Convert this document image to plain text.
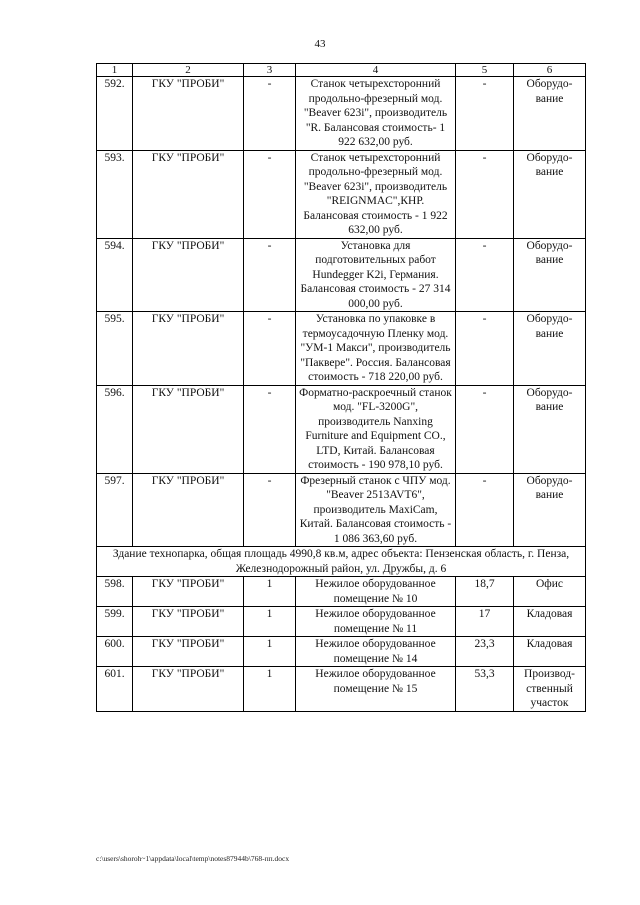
43
1	2	3	4	5	6
592.	ГКУ "ПРОБИ"	-	Станок четырехсторонний продольно-фрезерный мод. "Beaver 623i", производитель "R. Балансовая стоимость- 1 922 632,00 руб.	-	Оборудо- вание
593.	ГКУ "ПРОБИ"	-	Станок четырехсторонний продольно-фрезерный мод. "Beaver 623i", производитель "REIGNMAC",КНР. Балансовая стоимость - 1 922 632,00 руб.	-	Оборудо- вание
594.	ГКУ "ПРОБИ"	-	Установка для подготовительных работ Hundegger K2i, Германия. Балансовая стоимость - 27 314 000,00 руб.	-	Оборудо- вание
595.	ГКУ "ПРОБИ"	-	Установка по упаковке в термоусадочную Пленку мод. "УМ-1 Макси", производитель "Паквере". Россия. Балансовая стоимость - 718 220,00 руб.	-	Оборудо- вание
596.	ГКУ "ПРОБИ"	-	Форматно-раскроечный станок мод. "FL-3200G", производитель Nanxing Furniture and Equipment CO., LTD, Китай. Балансовая стоимость - 190 978,10 руб.	-	Оборудо- вание
597.	ГКУ "ПРОБИ"	-	Фрезерный станок с ЧПУ мод. "Beaver 2513AVT6", производитель MaxiCam, Китай. Балансовая стоимость - 1 086 363,60 руб.	-	Оборудо- вание
Здание технопарка, общая площадь 4990,8 кв.м, адрес объекта: Пензенская область, г. Пенза, Железнодорожный район, ул. Дружбы, д. 6					
598.	ГКУ "ПРОБИ"	1	Нежилое оборудованное помещение № 10	18,7	Офис
599.	ГКУ "ПРОБИ"	1	Нежилое оборудованное помещение № 11	17	Кладовая
600.	ГКУ "ПРОБИ"	1	Нежилое оборудованное помещение № 14	23,3	Кладовая
601.	ГКУ "ПРОБИ"	1	Нежилое оборудованное помещение № 15	53,3	Производ- ственный участок
c:\users\shoroh~1\appdata\local\temp\notes87944b\768-пп.docx
